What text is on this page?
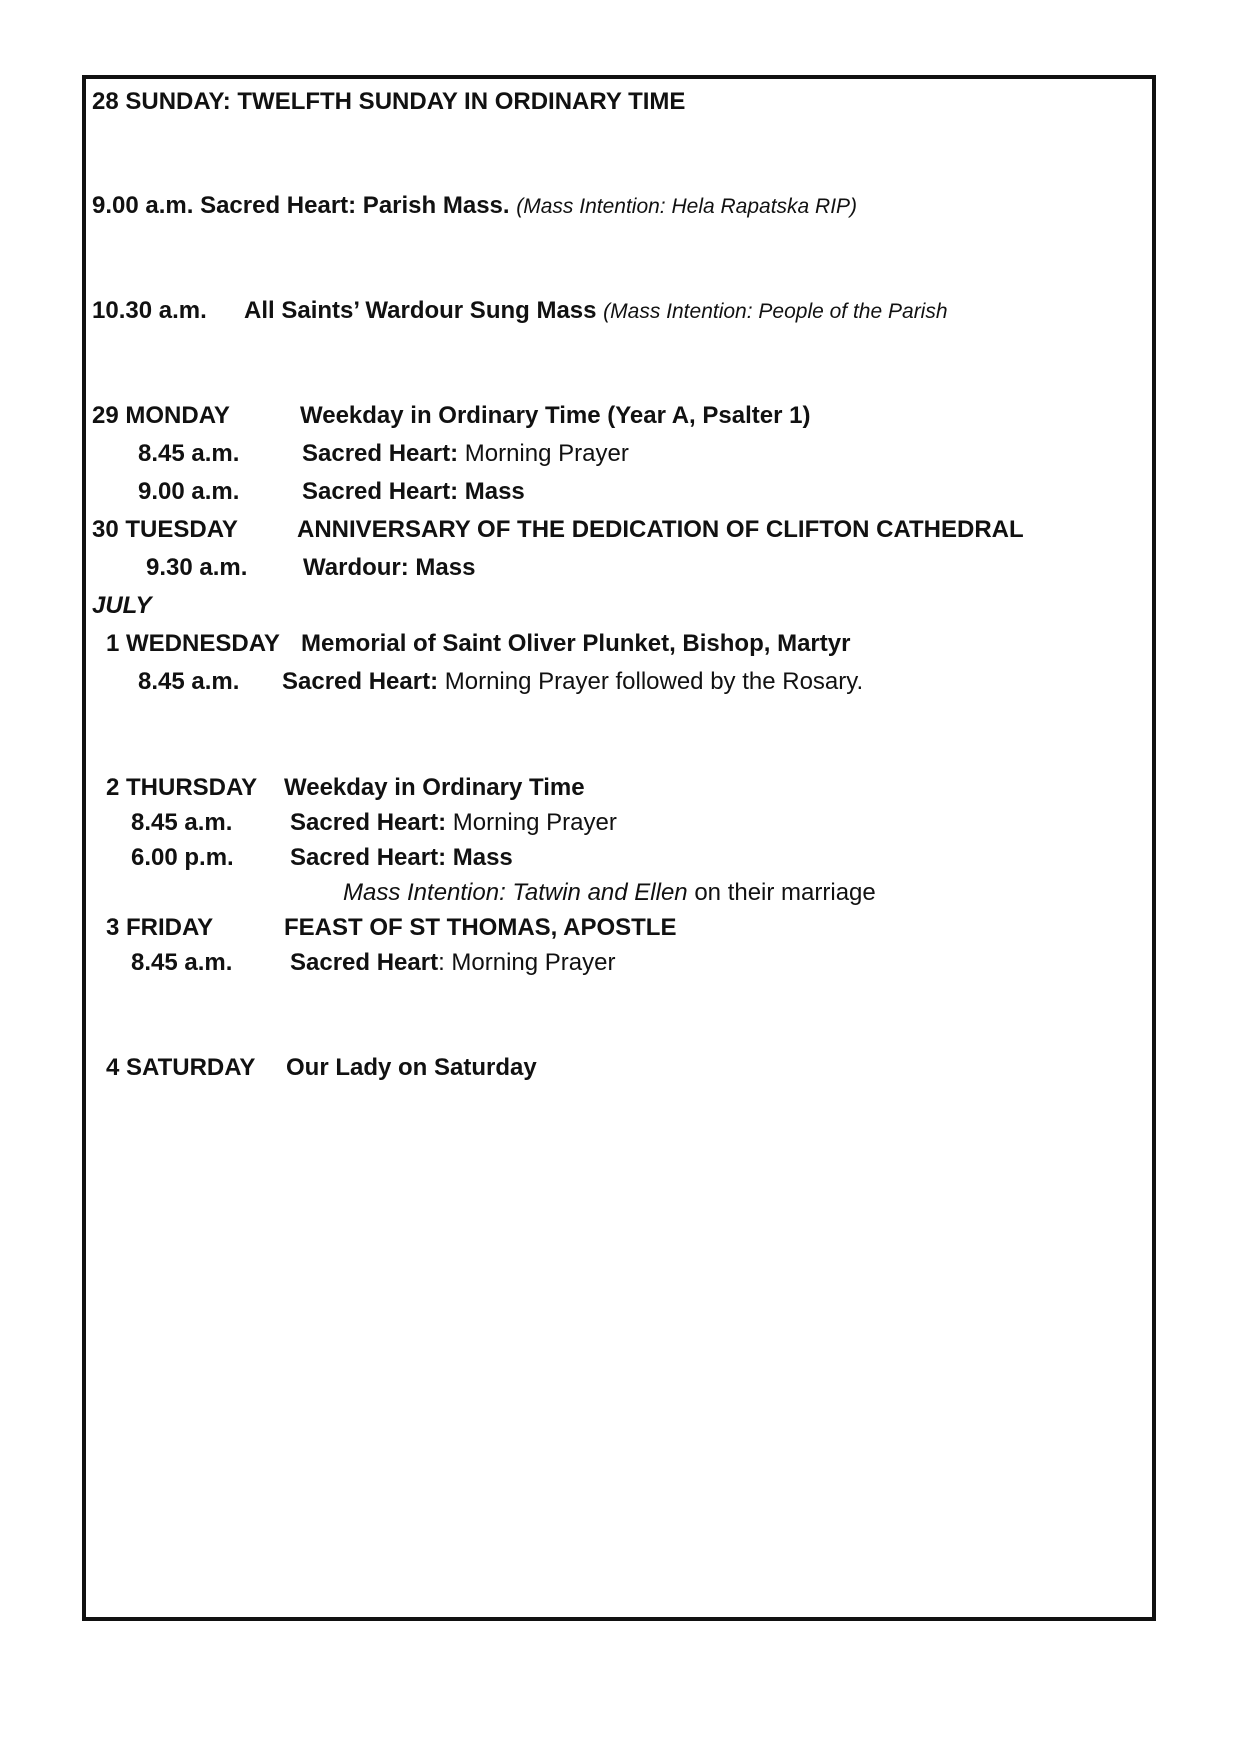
28 SUNDAY: TWELFTH SUNDAY IN ORDINARY TIME
9.00 a.m. Sacred Heart: Parish Mass. (Mass Intention: Hela Rapatska RIP)
10.30 a.m. All Saints’ Wardour Sung Mass (Mass Intention: People of the Parish
29 MONDAY	Weekday in Ordinary Time (Year A, Psalter 1)
8.45 a.m.	Sacred Heart: Morning Prayer
9.00 a.m.	Sacred Heart: Mass
30 TUESDAY ANNIVERSARY OF THE DEDICATION OF CLIFTON CATHEDRAL
9.30 a.m. Wardour: Mass
JULY
1 WEDNESDAY Memorial of Saint Oliver Plunket, Bishop, Martyr
8.45 a.m. Sacred Heart: Morning Prayer followed by the Rosary.
2 THURSDAY Weekday in Ordinary Time
8.45 a.m. Sacred Heart: Morning Prayer
6.00 p.m. Sacred Heart: Mass
Mass Intention: Tatwin and Ellen on their marriage
3 FRIDAY	FEAST OF ST THOMAS, APOSTLE
8.45 a.m. Sacred Heart: Morning Prayer
4 SATURDAY Our Lady on Saturday
